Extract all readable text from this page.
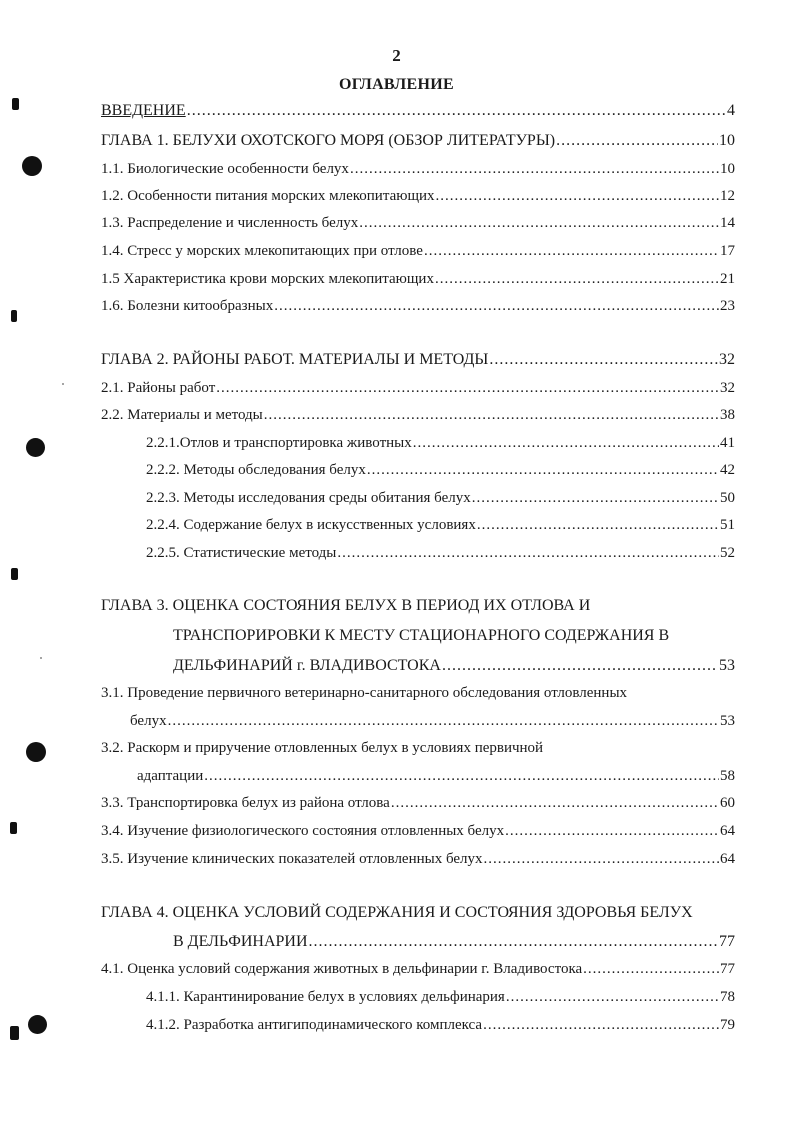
2
ОГЛАВЛЕНИЕ
ВВЕДЕНИЕ .....	4
ГЛАВА 1. БЕЛУХИ ОХОТСКОГО МОРЯ (ОБЗОР ЛИТЕРАТУРЫ) .....	10
1.1. Биологические особенности белух .....	10
1.2. Особенности питания морских млекопитающих .....	12
1.3. Распределение и численность белух .....	14
1.4. Стресс у морских млекопитающих при отлове .....	17
1.5 Характеристика крови морских млекопитающих .....	21
1.6. Болезни китообразных .....	23
ГЛАВА 2. РАЙОНЫ РАБОТ. МАТЕРИАЛЫ И МЕТОДЫ .....	32
2.1. Районы работ .....	32
2.2. Материалы и методы .....	38
2.2.1.Отлов и транспортировка животных .....	41
2.2.2. Методы обследования белух .....	42
2.2.3. Методы исследования среды обитания белух .....	50
2.2.4. Содержание белух в искусственных условиях .....	51
2.2.5. Статистические методы .....	52
ГЛАВА 3. ОЦЕНКА СОСТОЯНИЯ БЕЛУХ В ПЕРИОД ИХ ОТЛОВА И
ТРАНСПОРИРОВКИ К МЕСТУ СТАЦИОНАРНОГО СОДЕРЖАНИЯ В
ДЕЛЬФИНАРИЙ г. ВЛАДИВОСТОКА .....	53
3.1. Проведение первичного ветеринарно-санитарного обследования отловленных
белух .....	53
3.2. Раскорм и приручение отловленных белух в условиях первичной
адаптации .....	58
3.3. Транспортировка белух из района отлова .....	60
3.4. Изучение физиологического состояния отловленных белух .....	64
3.5. Изучение клинических показателей отловленных белух .....	64
ГЛАВА 4. ОЦЕНКА УСЛОВИЙ СОДЕРЖАНИЯ И СОСТОЯНИЯ ЗДОРОВЬЯ БЕЛУХ
В ДЕЛЬФИНАРИИ .....	77
4.1. Оценка условий содержания животных в дельфинарии г. Владивостока .....	77
4.1.1. Карантинирование белух в условиях дельфинария .....	78
4.1.2. Разработка антигиподинамического комплекса .....	79
